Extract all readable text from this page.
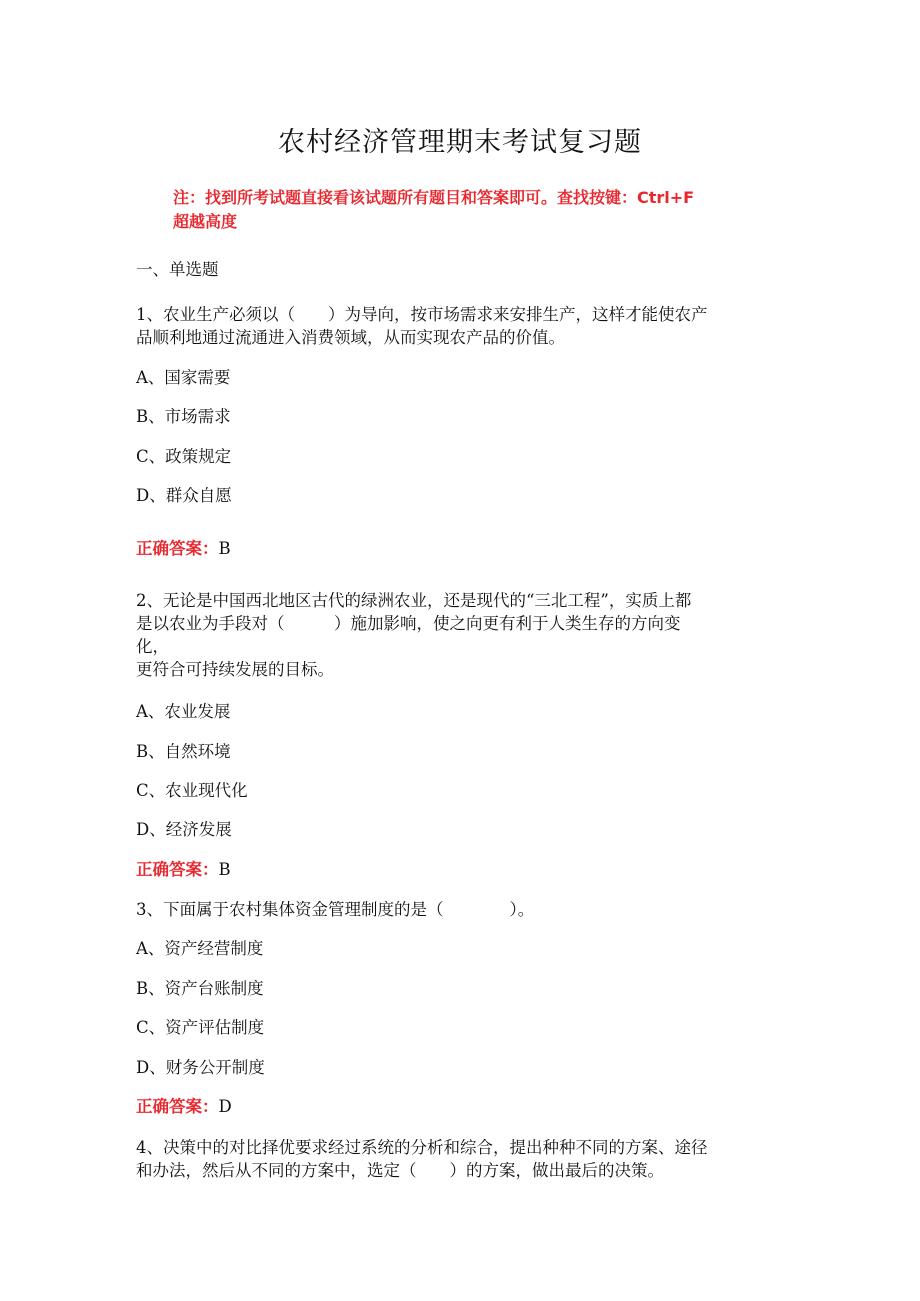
农村经济管理期末考试复习题
注：找到所考试题直接看该试题所有题目和答案即可。查找按键：Ctrl+F
超越高度
一、单选题
1、农业生产必须以（　　）为导向，按市场需求来安排生产，这样才能使农产
品顺利地通过流通进入消费领域，从而实现农产品的价值。
A、国家需要
B、市场需求
C、政策规定
D、群众自愿
正确答案：B
2、无论是中国西北地区古代的绿洲农业，还是现代的“三北工程”，实质上都
是以农业为手段对（　　　）施加影响，使之向更有利于人类生存的方向变
化，
更符合可持续发展的目标。
A、农业发展
B、自然环境
C、农业现代化
D、经济发展
正确答案：B
3、下面属于农村集体资金管理制度的是（　　　　）。
A、资产经营制度
B、资产台账制度
C、资产评估制度
D、财务公开制度
正确答案：D
4、决策中的对比择优要求经过系统的分析和综合，提出种种不同的方案、途径
和办法，然后从不同的方案中，选定（　　）的方案，做出最后的决策。
